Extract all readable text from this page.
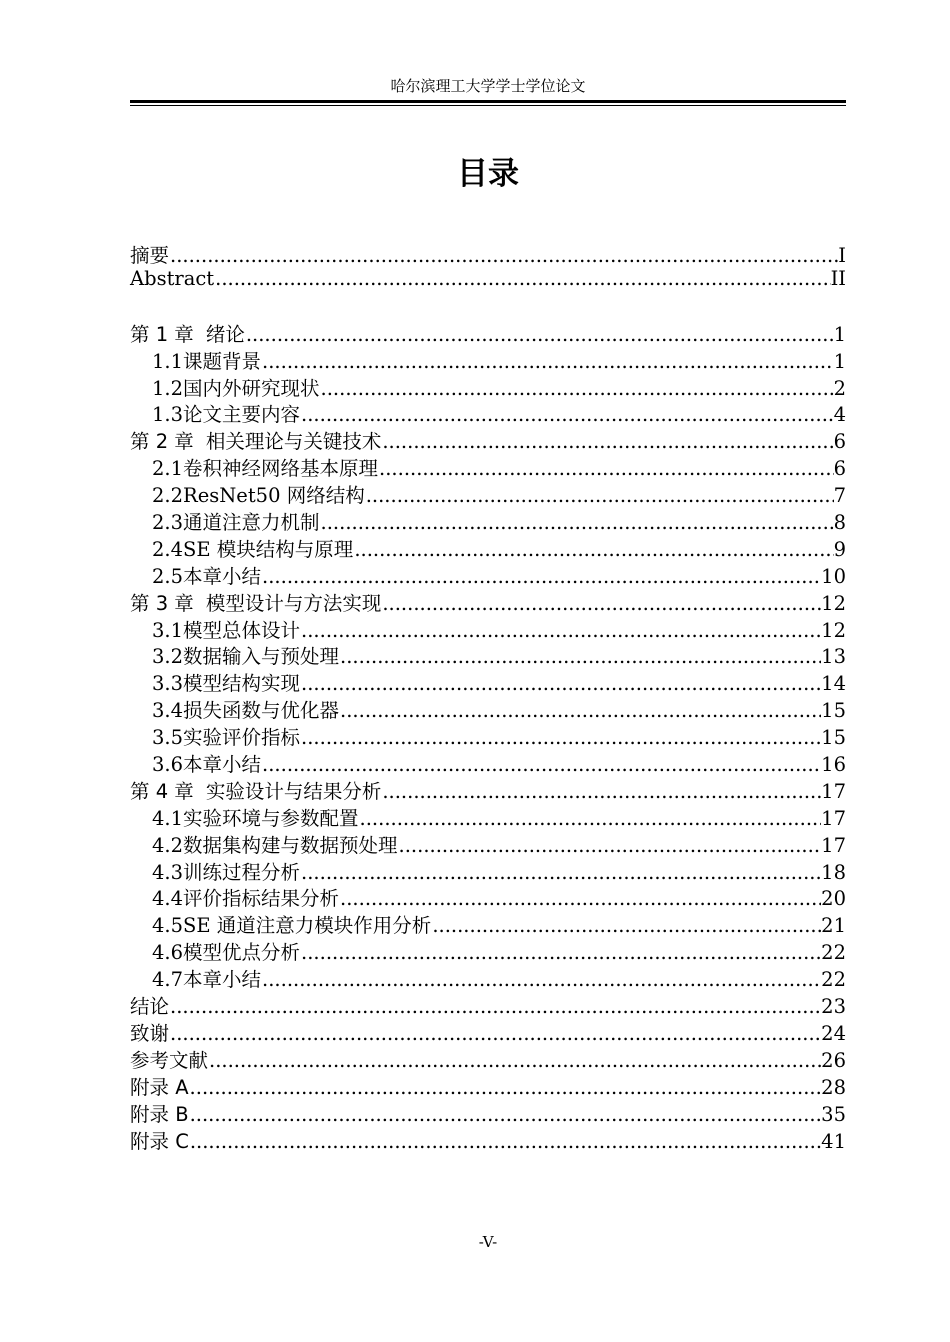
哈尔滨理工大学学士学位论文
目录
摘要 .....	I
Abstract .....	II
第 1 章 绪论 .....	1
1.1 课题背景 .....	1
1.2 国内外研究现状 .....	2
1.3 论文主要内容 .....	4
第 2 章 相关理论与关键技术 .....	6
2.1 卷积神经网络基本原理 .....	6
2.2 ResNet50 网络结构 .....	7
2.3 通道注意力机制 .....	8
2.4 SE 模块结构与原理 .....	9
2.5 本章小结 .....	10
第 3 章 模型设计与方法实现 .....	12
3.1 模型总体设计 .....	12
3.2 数据输入与预处理 .....	13
3.3 模型结构实现 .....	14
3.4 损失函数与优化器 .....	15
3.5 实验评价指标 .....	15
3.6 本章小结 .....	16
第 4 章 实验设计与结果分析 .....	17
4.1 实验环境与参数配置 .....	17
4.2 数据集构建与数据预处理 .....	17
4.3 训练过程分析 .....	18
4.4 评价指标结果分析 .....	20
4.5 SE 通道注意力模块作用分析 .....	21
4.6 模型优点分析 .....	22
4.7 本章小结 .....	22
结论 .....	23
致谢 .....	24
参考文献 .....	26
附录 A .....	28
附录 B .....	35
附录 C .....	41
-V-
